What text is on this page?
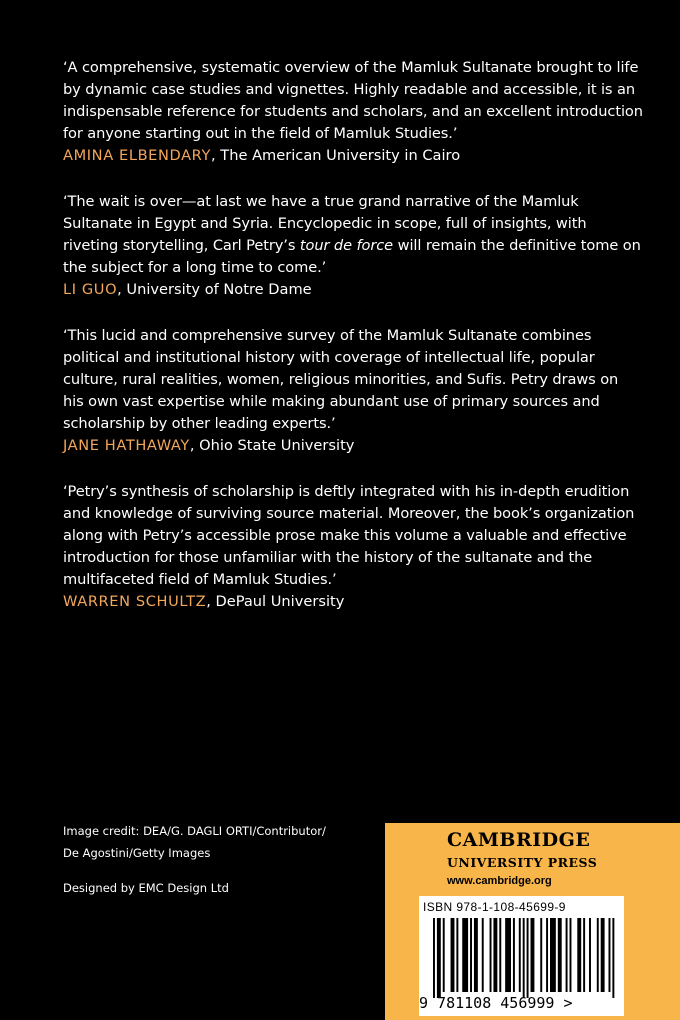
‘A comprehensive, systematic overview of the Mamluk Sultanate brought to life by dynamic case studies and vignettes. Highly readable and accessible, it is an indispensable reference for students and scholars, and an excellent introduction for anyone starting out in the field of Mamluk Studies.’

AMINA ELBENDARY, The American University in Cairo

‘The wait is over—at last we have a true grand narrative of the Mamluk Sultanate in Egypt and Syria. Encyclopedic in scope, full of insights, with riveting storytelling, Carl Petry’s tour de force will remain the definitive tome on the subject for a long time to come.’

LI GUO, University of Notre Dame

‘This lucid and comprehensive survey of the Mamluk Sultanate combines political and institutional history with coverage of intellectual life, popular culture, rural realities, women, religious minorities, and Sufis. Petry draws on his own vast expertise while making abundant use of primary sources and scholarship by other leading experts.’

JANE HATHAWAY, Ohio State University

‘Petry’s synthesis of scholarship is deftly integrated with his in-depth erudition and knowledge of surviving source material. Moreover, the book’s organization along with Petry’s accessible prose make this volume a valuable and effective introduction for those unfamiliar with the history of the sultanate and the multifaceted field of Mamluk Studies.’

WARREN SCHULTZ, DePaul University

Image credit: DEA/G. DAGLI ORTI/Contributor/

De Agostini/Getty Images

Designed by EMC Design Ltd

CAMBRIDGE
UNIVERSITY PRESS
www.cambridge.org
ISBN 978-1-108-45699-9
9 781108 456999 >
